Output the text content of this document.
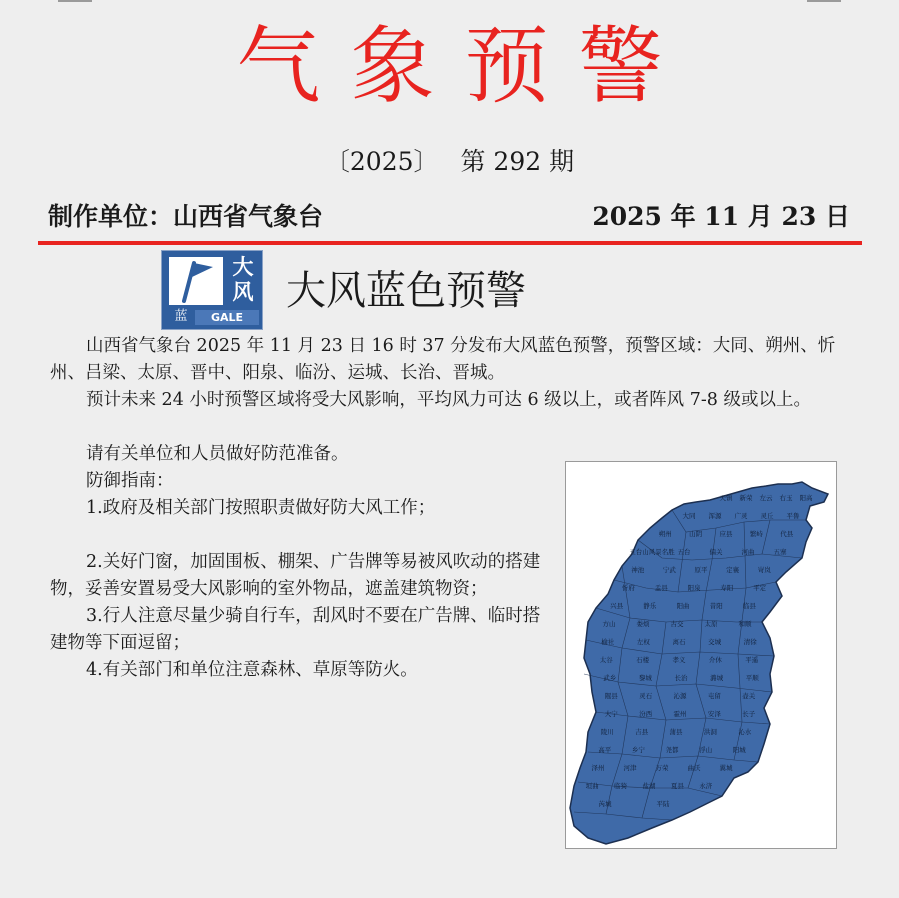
气象预警
〔2025〕 第 292 期
制作单位：山西省气象台	2025 年 11 月 23 日
大
风
蓝	GALE
大风蓝色预警

山西省气象台 2025 年 11 月 23 日 16 时 37 分发布大风蓝色预警，预警区域：大同、朔州、忻州、吕梁、太原、晋中、阳泉、临汾、运城、长治、晋城。

预计未来 24 小时预警区域将受大风影响，平均风力可达 6 级以上，或者阵风 7-8 级或以上。

请有关单位和人员做好防范准备。

防御指南：

1.政府及相关部门按照职责做好防大风工作；

2.关好门窗，加固围板、棚架、广告牌等易被风吹动的搭建物，妥善安置易受大风影响的室外物品，遮盖建筑物资；

3.行人注意尽量少骑自行车，刮风时不要在广告牌、临时搭建物等下面逗留；

4.有关部门和单位注意森林、草原等防火。

天镇 新荣 左云 右玉 阳高
大同 浑源 广灵 灵丘 平鲁
朔州	山阴	应县	繁峙	代县
五台山风景名胜 五台	偏关	河曲	五寨
神池	宁武	原平	定襄	岢岚
忻府	盂县	阳泉	寿阳	平定
兴县	静乐	阳曲	昔阳	临县
方山	娄烦	古交	太原	和顺
榆社	左权	离石	交城	清徐
太谷	石楼	孝义	介休	平遥
武乡	黎城	长治	潞城	平顺
隰县	灵石	沁源	屯留	壶关
大宁	汾西	霍州	安泽	长子
陵川	吉县	蒲县	洪洞	沁水
高平	乡宁	尧都	浮山	阳城
泽州	河津	万荣	曲沃	翼城
垣曲 临猗 盐湖 夏县 永济
芮城	平陆
